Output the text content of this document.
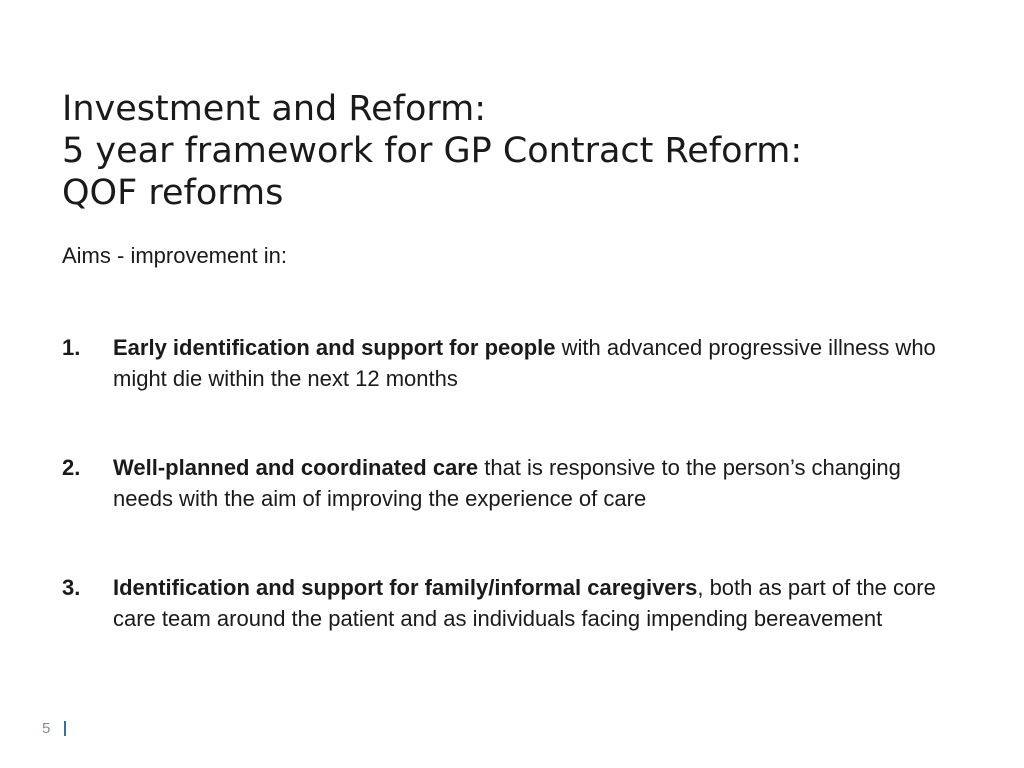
Investment and Reform:
5 year framework for GP Contract Reform:
QOF reforms

Aims - improvement in:

1. Early identification and support for people with advanced progressive illness who might die within the next 12 months
2. Well-planned and coordinated care that is responsive to the person’s changing needs with the aim of improving the experience of care
3. Identification and support for family/informal caregivers, both as part of the core care team around the patient and as individuals facing impending bereavement
5
